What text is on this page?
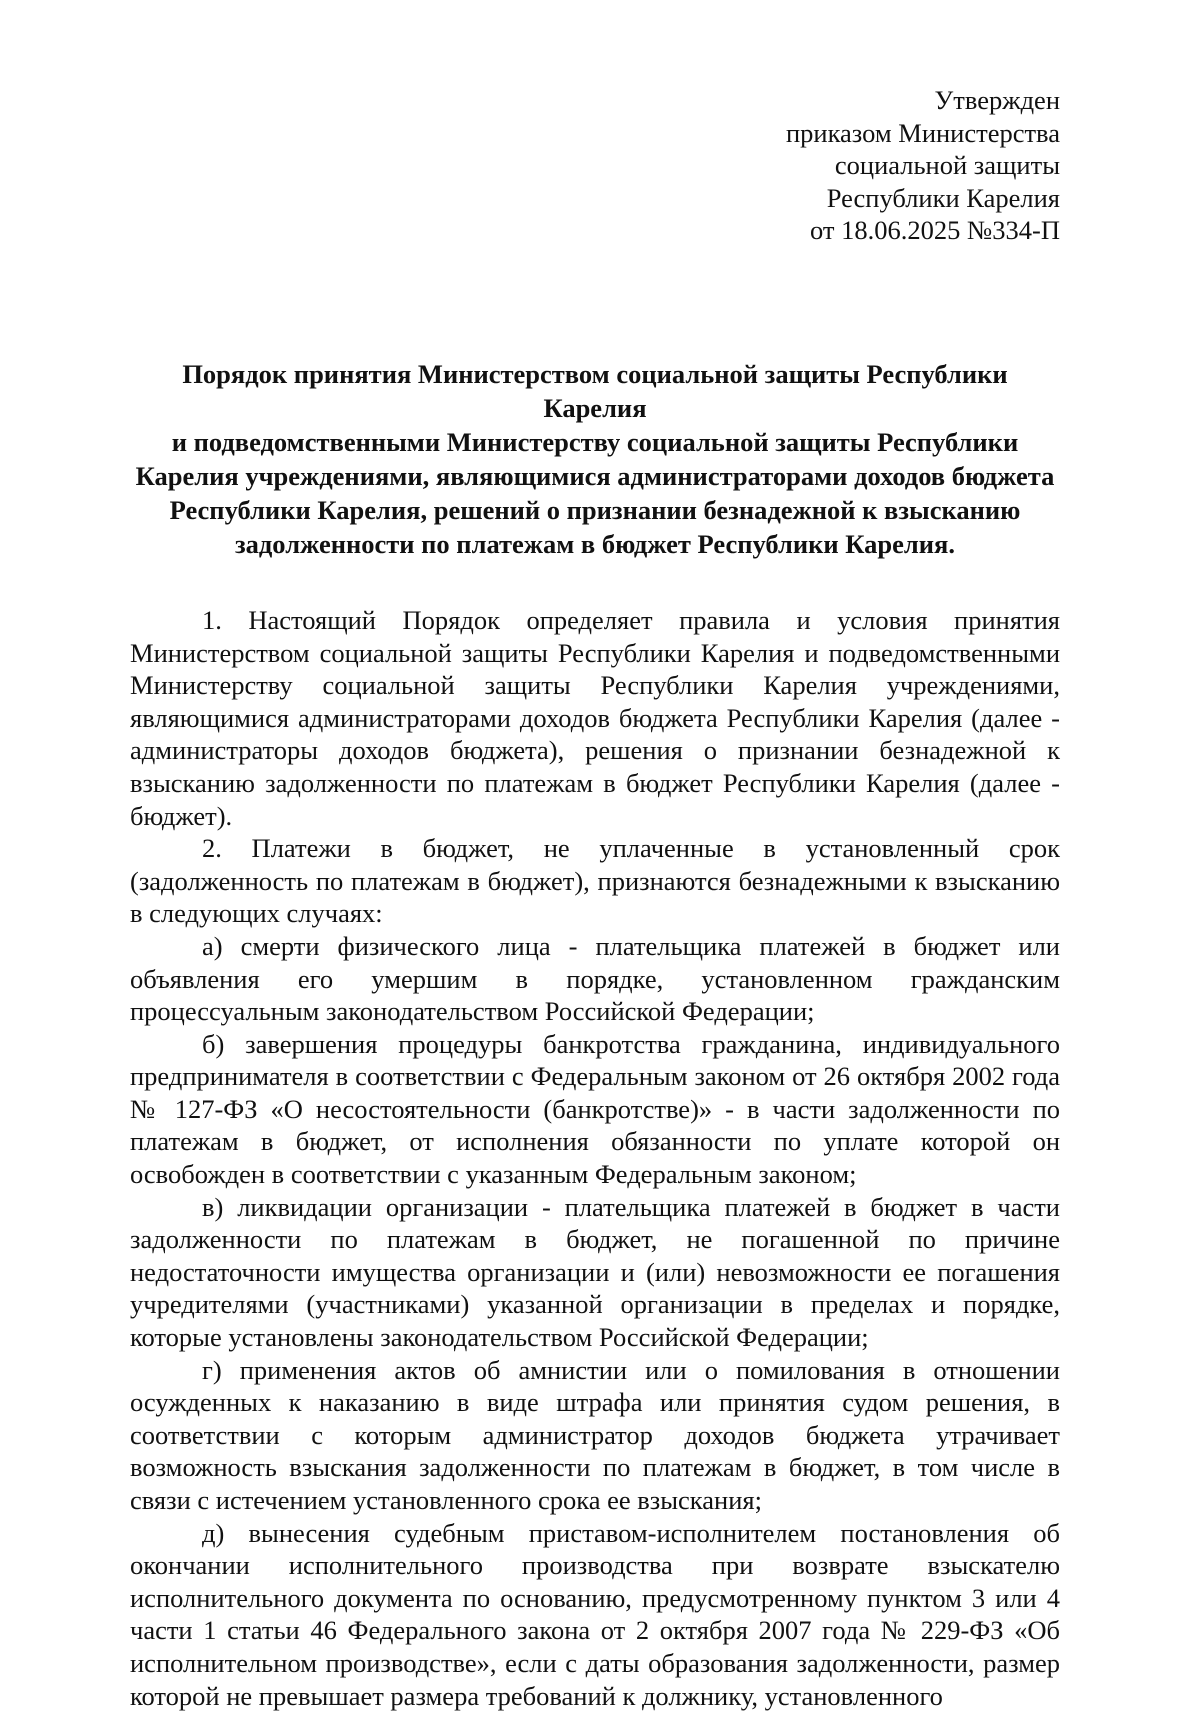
Утвержден
приказом Министерства
социальной защиты
Республики Карелия
от 18.06.2025 №334-П
Порядок принятия Министерством социальной защиты Республики Карелия
и подведомственными Министерству социальной защиты Республики
Карелия учреждениями, являющимися администраторами доходов бюджета
Республики Карелия, решений о признании безнадежной к взысканию
задолженности по платежам в бюджет Республики Карелия.

1. Настоящий Порядок определяет правила и условия принятия Министерством социальной защиты Республики Карелия и подведомственными Министерству социальной защиты Республики Карелия учреждениями, являющимися администраторами доходов бюджета Республики Карелия (далее - администраторы доходов бюджета), решения о признании безнадежной к взысканию задолженности по платежам в бюджет Республики Карелия (далее - бюджет).

2. Платежи в бюджет, не уплаченные в установленный срок (задолженность по платежам в бюджет), признаются безнадежными к взысканию в следующих случаях:

а) смерти физического лица - плательщика платежей в бюджет или объявления его умершим в порядке, установленном гражданским процессуальным законодательством Российской Федерации;

б) завершения процедуры банкротства гражданина, индивидуального предпринимателя в соответствии с Федеральным законом от 26 октября 2002 года № 127-ФЗ «О несостоятельности (банкротстве)» - в части задолженности по платежам в бюджет, от исполнения обязанности по уплате которой он освобожден в соответствии с указанным Федеральным законом;

в) ликвидации организации - плательщика платежей в бюджет в части задолженности по платежам в бюджет, не погашенной по причине недостаточности имущества организации и (или) невозможности ее погашения учредителями (участниками) указанной организации в пределах и порядке, которые установлены законодательством Российской Федерации;

г) применения актов об амнистии или о помилования в отношении осужденных к наказанию в виде штрафа или принятия судом решения, в соответствии с которым администратор доходов бюджета утрачивает возможность взыскания задолженности по платежам в бюджет, в том числе в связи с истечением установленного срока ее взыскания;

д) вынесения судебным приставом-исполнителем постановления об окончании исполнительного производства при возврате взыскателю исполнительного документа по основанию, предусмотренному пунктом 3 или 4 части 1 статьи 46 Федерального закона от 2 октября 2007 года № 229-ФЗ «Об исполнительном производстве», если с даты образования задолженности, размер которой не превышает размера требований к должнику, установленного
